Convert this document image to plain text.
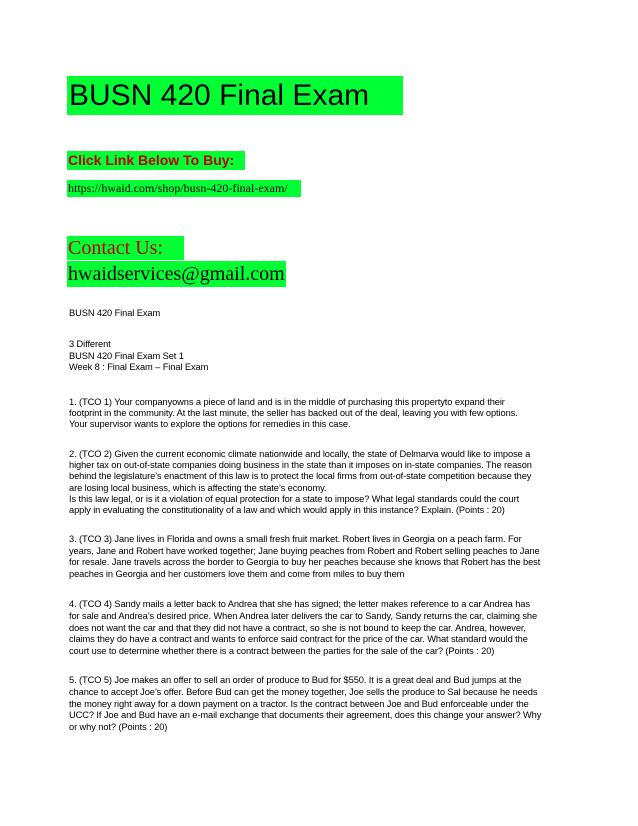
BUSN 420 Final Exam
Click Link Below To Buy:
https://hwaid.com/shop/busn-420-final-exam/
Contact Us:
hwaidservices@gmail.com
BUSN 420 Final Exam
3 Different
BUSN 420 Final Exam Set 1
Week 8 : Final Exam – Final Exam
1. (TCO 1) Your companyowns a piece of land and is in the middle of purchasing this propertyto expand their
footprint in the community. At the last minute, the seller has backed out of the deal, leaving you with few options.
Your supervisor wants to explore the options for remedies in this case.
2. (TCO 2) Given the current economic climate nationwide and locally, the state of Delmarva would like to impose a
higher tax on out-of-state companies doing business in the state than it imposes on in-state companies. The reason
behind the legislature’s enactment of this law is to protect the local firms from out-of-state competition because they
are losing local business, which is affecting the state’s economy.
Is this law legal, or is it a violation of equal protection for a state to impose? What legal standards could the court
apply in evaluating the constitutionality of a law and which would apply in this instance? Explain. (Points : 20)
3. (TCO 3) Jane lives in Florida and owns a small fresh fruit market. Robert lives in Georgia on a peach farm. For
years, Jane and Robert have worked together; Jane buying peaches from Robert and Robert selling peaches to Jane
for resale. Jane travels across the border to Georgia to buy her peaches because she knows that Robert has the best
peaches in Georgia and her customers love them and come from miles to buy them
4. (TCO 4) Sandy mails a letter back to Andrea that she has signed; the letter makes reference to a car Andrea has
for sale and Andrea’s desired price. When Andrea later delivers the car to Sandy, Sandy returns the car, claiming she
does not want the car and that they did not have a contract, so she is not bound to keep the car. Andrea, however,
claims they do have a contract and wants to enforce said contract for the price of the car. What standard would the
court use to determine whether there is a contract between the parties for the sale of the car? (Points : 20)
5. (TCO 5) Joe makes an offer to sell an order of produce to Bud for $550. It is a great deal and Bud jumps at the
chance to accept Joe’s offer. Before Bud can get the money together, Joe sells the produce to Sal because he needs
the money right away for a down payment on a tractor. Is the contract between Joe and Bud enforceable under the
UCC? If Joe and Bud have an e-mail exchange that documents their agreement, does this change your answer? Why
or why not? (Points : 20)
